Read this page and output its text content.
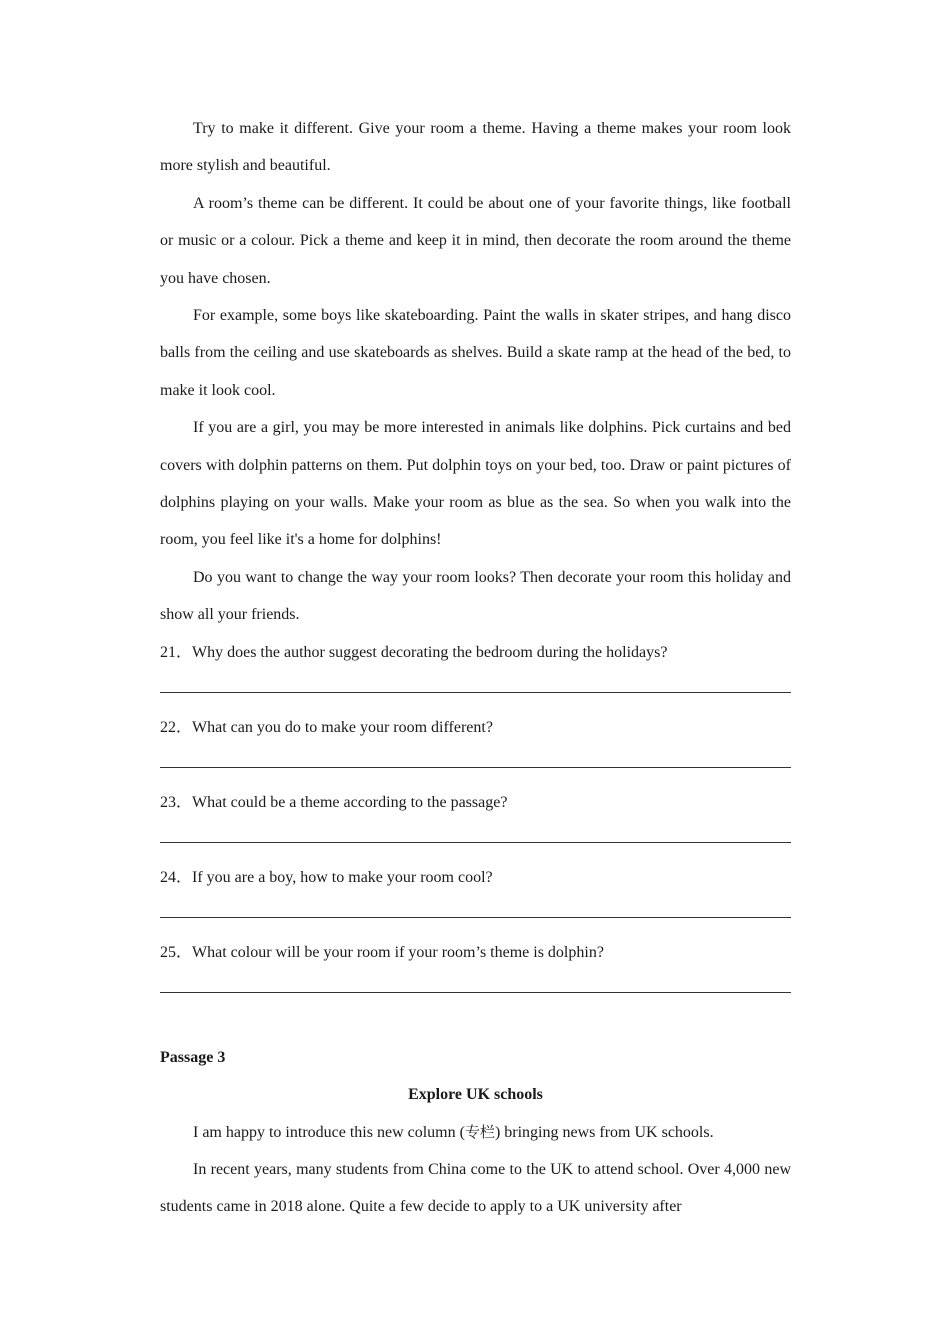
Try to make it different. Give your room a theme. Having a theme makes your room look more stylish and beautiful.

A room’s theme can be different. It could be about one of your favorite things, like football or music or a colour. Pick a theme and keep it in mind, then decorate the room around the theme you have chosen.

For example, some boys like skateboarding. Paint the walls in skater stripes, and hang disco balls from the ceiling and use skateboards as shelves. Build a skate ramp at the head of the bed, to make it look cool.

If you are a girl, you may be more interested in animals like dolphins. Pick curtains and bed covers with dolphin patterns on them. Put dolphin toys on your bed, too. Draw or paint pictures of dolphins playing on your walls. Make your room as blue as the sea. So when you walk into the room, you feel like it's a home for dolphins!

Do you want to change the way your room looks? Then decorate your room this holiday and show all your friends.

21．Why does the author suggest decorating the bedroom during the holidays?
22．What can you do to make your room different?
23．What could be a theme according to the passage?
24．If you are a boy, how to make your room cool?
25．What colour will be your room if your room’s theme is dolphin?

Passage 3

Explore UK schools

I am happy to introduce this new column (专栏) bringing news from UK schools.

In recent years, many students from China come to the UK to attend school. Over 4,000 new students came in 2018 alone. Quite a few decide to apply to a UK university after
